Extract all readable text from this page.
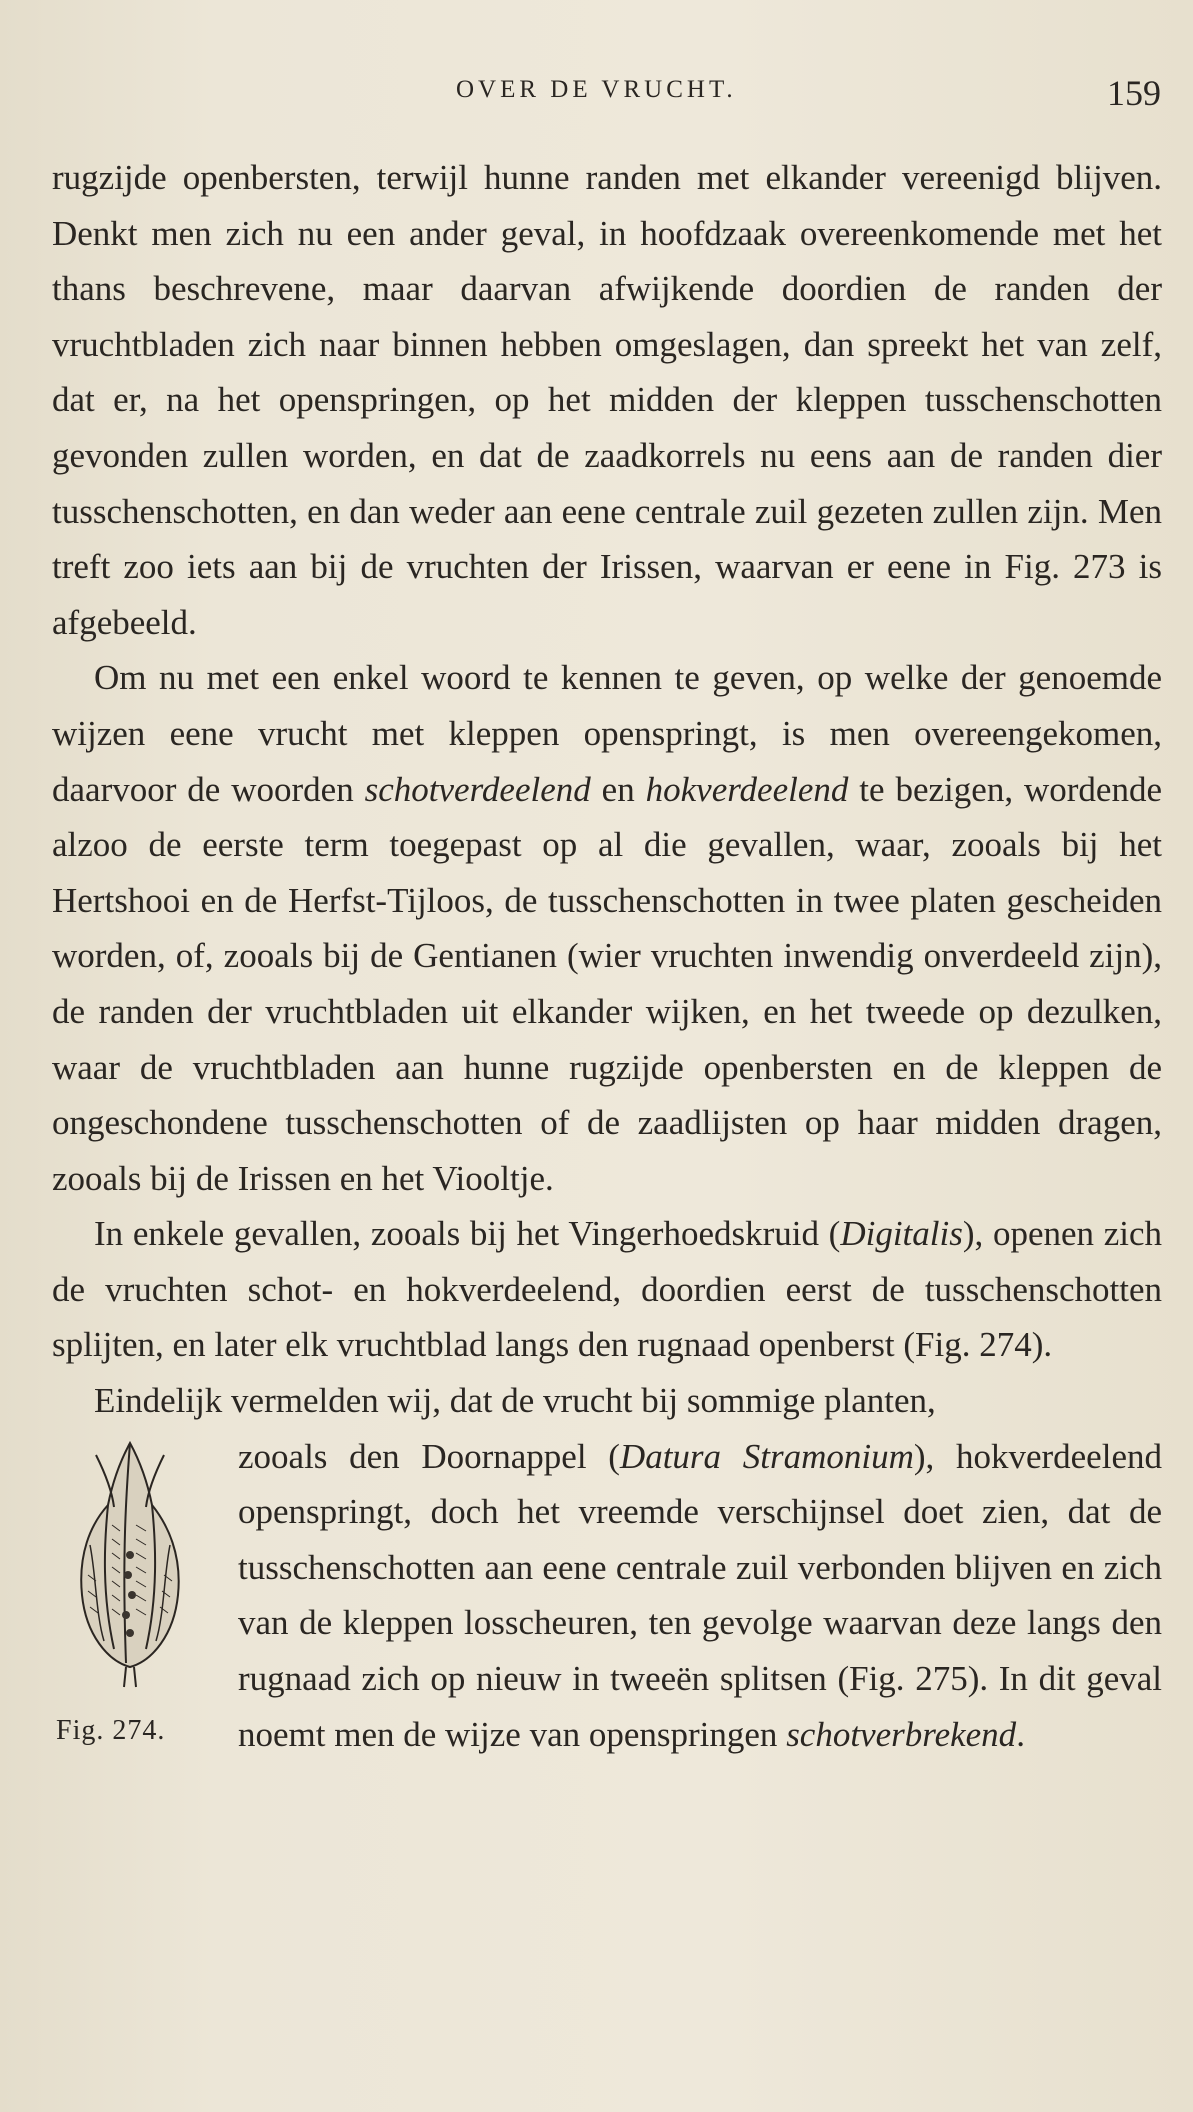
OVER DE VRUCHT.	159

rugzijde openbersten, terwijl hunne randen met elkander vereenigd blijven. Denkt men zich nu een ander geval, in hoofdzaak overeenkomende met het thans beschrevene, maar daarvan afwijkende doordien de randen der vruchtbladen zich naar binnen hebben omgeslagen, dan spreekt het van zelf, dat er, na het openspringen, op het midden der kleppen tusschenschotten gevonden zullen worden, en dat de zaadkorrels nu eens aan de randen dier tusschenschotten, en dan weder aan eene centrale zuil gezeten zullen zijn. Men treft zoo iets aan bij de vruchten der Irissen, waarvan er eene in Fig. 273 is afgebeeld.

Om nu met een enkel woord te kennen te geven, op welke der genoemde wijzen eene vrucht met kleppen openspringt, is men overeengekomen, daarvoor de woorden schotverdeelend en hokverdeelend te bezigen, wordende alzoo de eerste term toegepast op al die gevallen, waar, zooals bij het Hertshooi en de Herfst-Tijloos, de tusschenschotten in twee platen gescheiden worden, of, zooals bij de Gentianen (wier vruchten inwendig onverdeeld zijn), de randen der vruchtbladen uit elkander wijken, en het tweede op dezulken, waar de vruchtbladen aan hunne rugzijde openbersten en de kleppen de ongeschondene tusschenschotten of de zaadlijsten op haar midden dragen, zooals bij de Irissen en het Viooltje.

In enkele gevallen, zooals bij het Vingerhoedskruid (Digitalis), openen zich de vruchten schot- en hokverdeelend, doordien eerst de tusschenschotten splijten, en later elk vruchtblad langs den rugnaad openberst (Fig. 274).

Eindelijk vermelden wij, dat de vrucht bij sommige planten,

Fig. 274.

zooals den Doornappel (Datura Stramonium), hokverdeelend openspringt, doch het vreemde verschijnsel doet zien, dat de tusschenschotten aan eene centrale zuil verbonden blijven en zich van de kleppen losscheuren, ten gevolge waarvan deze langs den rugnaad zich op nieuw in tweeën splitsen (Fig. 275). In dit geval noemt men de wijze van openspringen schotverbrekend.
